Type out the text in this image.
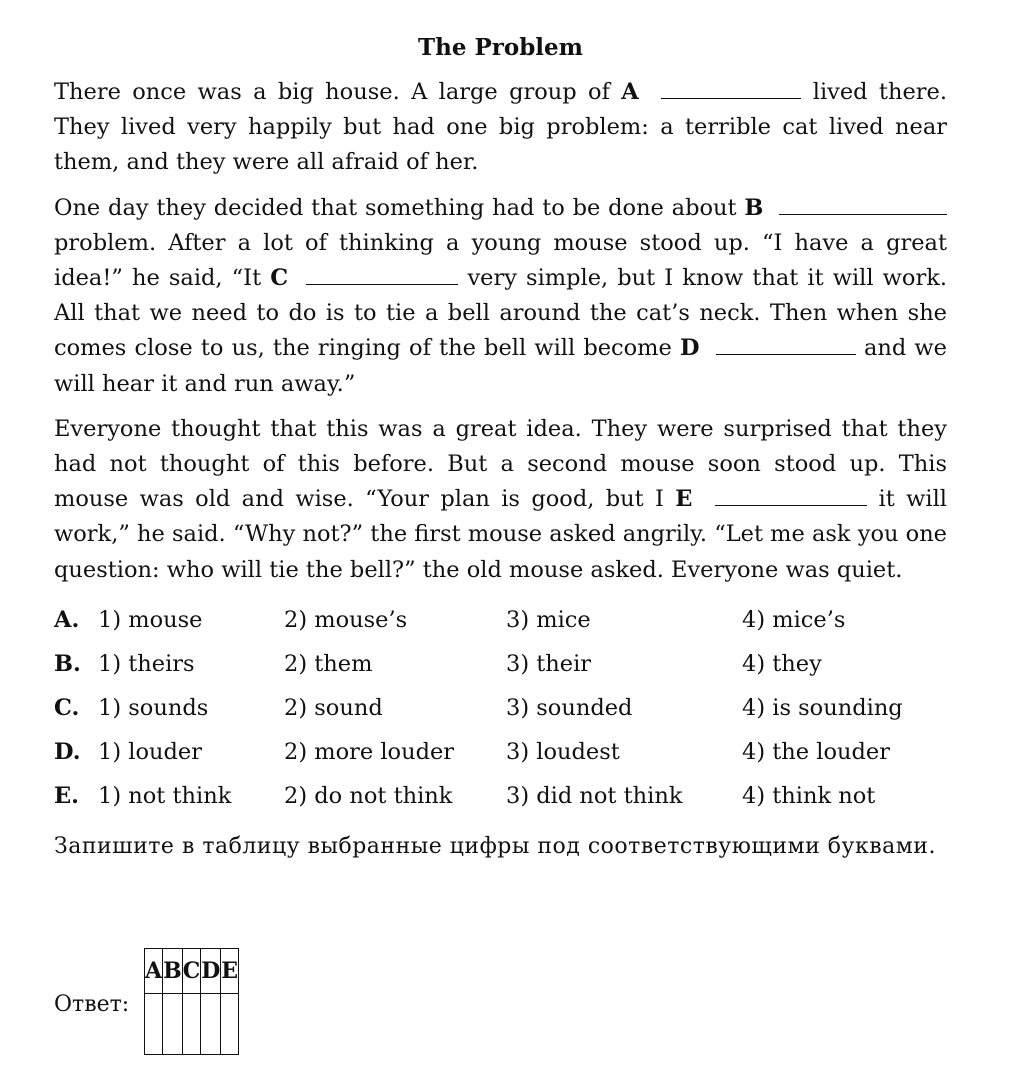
The Problem

There once was a big house. A large group of A	lived there. They lived very happily but had one big problem: a terrible cat lived near them, and they were all afraid of her.

One day they decided that something had to be done about B   problem. After a lot of thinking a young mouse stood up. “I have a great idea!” he said, “It C	very simple, but I know that it will work. All that we need to do is to tie a bell around the cat’s neck. Then when she comes close to us, the ringing of the bell will become D	and we will hear it and run away.”

Everyone thought that this was a great idea. They were surprised that they had not thought of this before. But a second mouse soon stood up. This mouse was old and wise. “Your plan is good, but I E	it will work,” he said. “Why not?” the first mouse asked angrily. “Let me ask you one question: who will tie the bell?” the old mouse asked. Everyone was quiet.

A. 1) mouse	2) mouse’s	3) mice	4) mice’s
B. 1) theirs	2) them	3) their	4) they
C. 1) sounds	2) sound	3) sounded	4) is sounding
D. 1) louder	2) more louder	3) loudest	4) the louder
E. 1) not think	2) do not think	3) did not think	4) think not

Запишите в таблицу выбранные цифры под соответствующими буквами.

Ответ:
A	B	C	D	E
